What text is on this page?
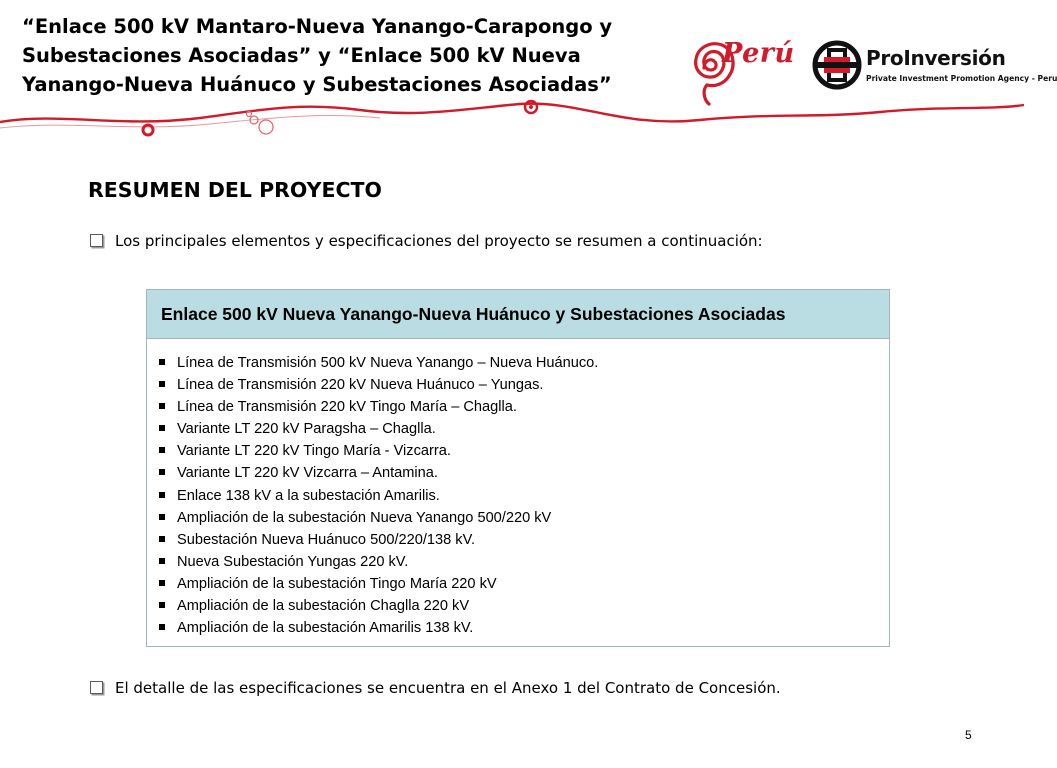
“Enlace 500 kV Mantaro-Nueva Yanango-Carapongo y
Subestaciones Asociadas” y “Enlace 500 kV Nueva
Yanango-Nueva Huánuco y Subestaciones Asociadas”
Perú	ProInversión
Private Investment Promotion Agency - Peru
RESUMEN DEL PROYECTO
Los principales elementos y especificaciones del proyecto se resumen a continuación:
Enlace 500 kV Nueva Yanango-Nueva Huánuco y Subestaciones Asociadas
Línea de Transmisión 500 kV Nueva Yanango – Nueva Huánuco.
Línea de Transmisión 220 kV Nueva Huánuco – Yungas.
Línea de Transmisión 220 kV Tingo María – Chaglla.
Variante LT 220 kV Paragsha – Chaglla.
Variante LT 220 kV Tingo María - Vizcarra.
Variante LT 220 kV Vizcarra – Antamina.
Enlace 138 kV a la subestación Amarilis.
Ampliación de la subestación Nueva Yanango 500/220 kV
Subestación Nueva Huánuco 500/220/138 kV.
Nueva Subestación Yungas 220 kV.
Ampliación de la subestación Tingo María 220 kV
Ampliación de la subestación Chaglla 220 kV
Ampliación de la subestación Amarilis 138 kV.
El detalle de las especificaciones se encuentra en el Anexo 1 del Contrato de Concesión.
5
